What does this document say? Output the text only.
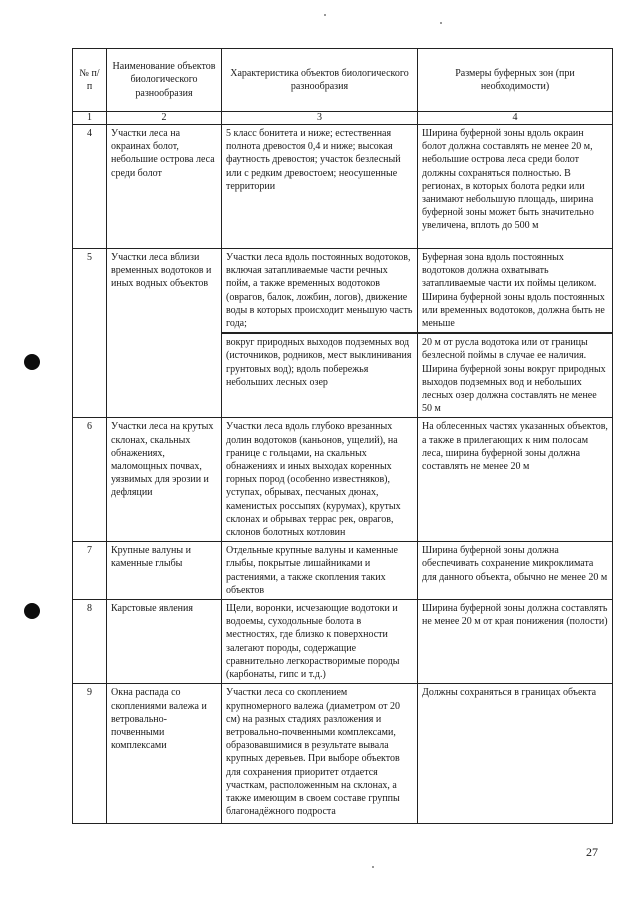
№ п/п	Наименование объектов биологического разнообразия	Характеристика объектов биологического разнообразия	Размеры буферных зон (при необходимости)
1	2	3	4
4	Участки леса на окраинах болот, небольшие острова леса среди болот	5 класс бонитета и ниже; естественная полнота древостоя 0,4 и ниже; высокая фаутность древостоя; участок безлесный или с редким древостоем; неосушенные территории	Ширина буферной зоны вдоль окраин болот должна составлять не менее 20 м, небольшие острова леса среди болот должны сохраняться полностью. В регионах, в которых болота редки или занимают небольшую площадь, ширина буферной зоны может быть значительно увеличена, вплоть до 500 м
5	Участки леса вблизи временных водотоков и иных водных объектов	Участки леса вдоль постоянных водотоков, включая затапливаемые части речных пойм, а также временных водотоков (оврагов, балок, ложбин, логов), движение воды в которых происходит меньшую часть года;	Буферная зона вдоль постоянных водотоков должна охватывать затапливаемые части их поймы целиком. Ширина буферной зоны вдоль постоянных или временных водотоков, должна быть не меньше
		вокруг природных выходов подземных вод (источников, родников, мест выклинивания грунтовых вод); вдоль побережья небольших лесных озер	20 м от русла водотока или от границы безлесной поймы в случае ее наличия. Ширина буферной зоны вокруг природных выходов подземных вод и небольших лесных озер должна составлять не менее 50 м
6	Участки леса на крутых склонах, скальных обнажениях, маломощных почвах, уязвимых для эрозии и дефляции	Участки леса вдоль глубоко врезанных долин водотоков (каньонов, ущелий), на границе с гольцами, на скальных обнажениях и иных выходах коренных горных пород (особенно известняков), уступах, обрывах, песчаных дюнах, каменистых россыпях (курумах), крутых склонах и обрывах террас рек, оврагов, склонов болотных котловин	На облесенных частях указанных объектов, а также в прилегающих к ним полосам леса, ширина буферной зоны должна составлять не менее 20 м
7	Крупные валуны и каменные глыбы	Отдельные крупные валуны и каменные глыбы, покрытые лишайниками и растениями, а также скопления таких объектов	Ширина буферной зоны должна обеспечивать сохранение микроклимата для данного объекта, обычно не менее 20 м
8	Карстовые явления	Щели, воронки, исчезающие водотоки и водоемы, суходольные болота в местностях, где близко к поверхности залегают породы, содержащие сравнительно легкорастворимые породы (карбонаты, гипс и т.д.)	Ширина буферной зоны должна составлять не менее 20 м от края понижения (полости)
9	Окна распада со скоплениями валежа и ветровально-почвенными комплексами	Участки леса со скоплением крупномерного валежа (диаметром от 20 см) на разных стадиях разложения и ветровально-почвенными комплексами, образовавшимися в результате вывала крупных деревьев. При выборе объектов для сохранения приоритет отдается участкам, расположенным на склонах, а также имеющим в своем составе группы благонадёжного подроста	Должны сохраняться в границах объекта
27
